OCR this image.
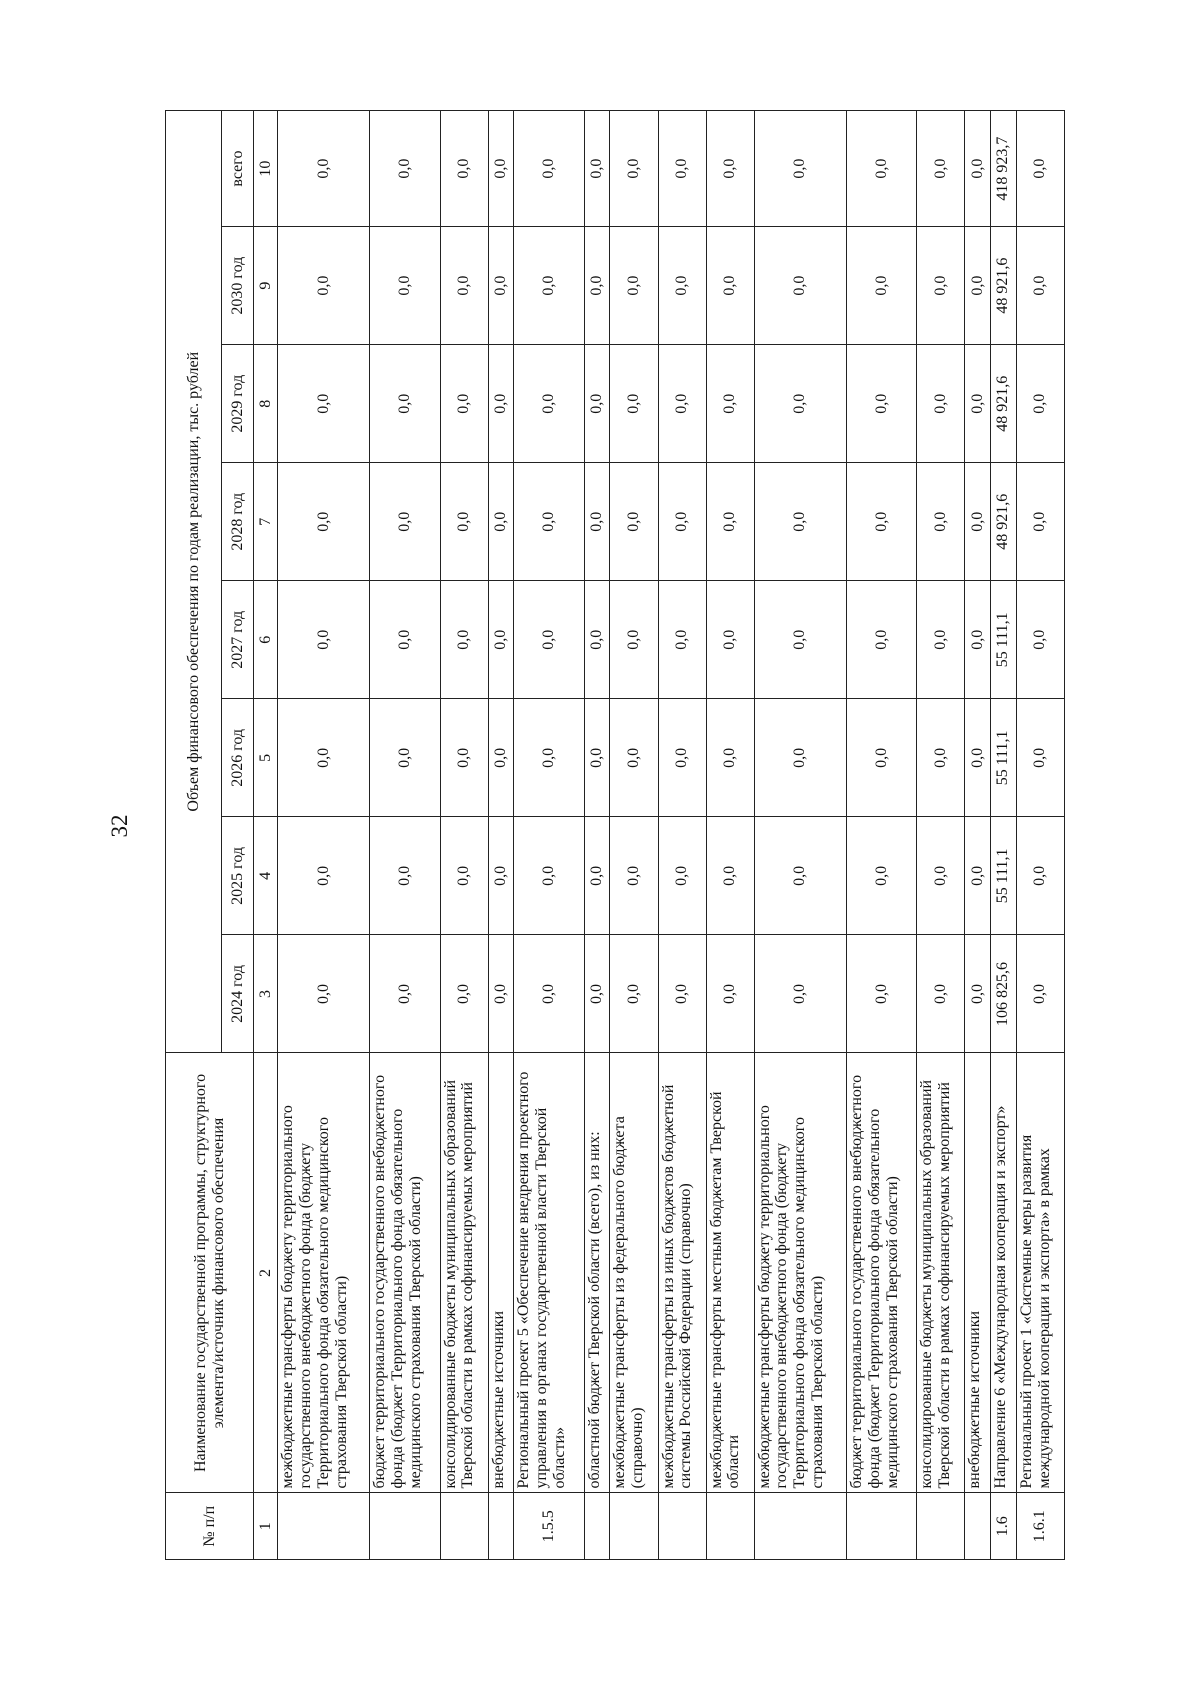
32
№ п/п	Наименование государственной программы, структурного элемента/источник финансового обеспечения	Объем финансового обеспечения по годам реализации, тыс. рублей							
		2024 год	2025 год	2026 год	2027 год	2028 год	2029 год	2030 год	всего
1	2	3	4	5	6	7	8	9	10
	межбюджетные трансферты бюджету территориального государственного внебюджетного фонда (бюджету Территориального фонда обязательного медицинского страхования Тверской области)	0,0	0,0	0,0	0,0	0,0	0,0	0,0	0,0
	бюджет территориального государственного внебюджетного фонда (бюджет Территориального фонда обязательного медицинского страхования Тверской области)	0,0	0,0	0,0	0,0	0,0	0,0	0,0	0,0
	консолидированные бюджеты муниципальных образований Тверской области в рамках софинансируемых мероприятий	0,0	0,0	0,0	0,0	0,0	0,0	0,0	0,0
	внебюджетные источники	0,0	0,0	0,0	0,0	0,0	0,0	0,0	0,0
1.5.5	Региональный проект 5 «Обеспечение внедрения проектного управления в органах государственной власти Тверской области»	0,0	0,0	0,0	0,0	0,0	0,0	0,0	0,0
	областной бюджет Тверской области (всего), из них:	0,0	0,0	0,0	0,0	0,0	0,0	0,0	0,0
	межбюджетные трансферты из федерального бюджета (справочно)	0,0	0,0	0,0	0,0	0,0	0,0	0,0	0,0
	межбюджетные трансферты из иных бюджетов бюджетной системы Российской Федерации (справочно)	0,0	0,0	0,0	0,0	0,0	0,0	0,0	0,0
	межбюджетные трансферты местным бюджетам Тверской области	0,0	0,0	0,0	0,0	0,0	0,0	0,0	0,0
	межбюджетные трансферты бюджету территориального государственного внебюджетного фонда (бюджету Территориального фонда обязательного медицинского страхования Тверской области)	0,0	0,0	0,0	0,0	0,0	0,0	0,0	0,0
	бюджет территориального государственного внебюджетного фонда (бюджет Территориального фонда обязательного медицинского страхования Тверской области)	0,0	0,0	0,0	0,0	0,0	0,0	0,0	0,0
	консолидированные бюджеты муниципальных образований Тверской области в рамках софинансируемых мероприятий	0,0	0,0	0,0	0,0	0,0	0,0	0,0	0,0
	внебюджетные источники	0,0	0,0	0,0	0,0	0,0	0,0	0,0	0,0
1.6	Направление 6 «Международная кооперация и экспорт»	106 825,6	55 111,1	55 111,1	55 111,1	48 921,6	48 921,6	48 921,6	418 923,7
1.6.1	Региональный проект 1 «Системные меры развития международной кооперации и экспорта» в рамках	0,0	0,0	0,0	0,0	0,0	0,0	0,0	0,0
